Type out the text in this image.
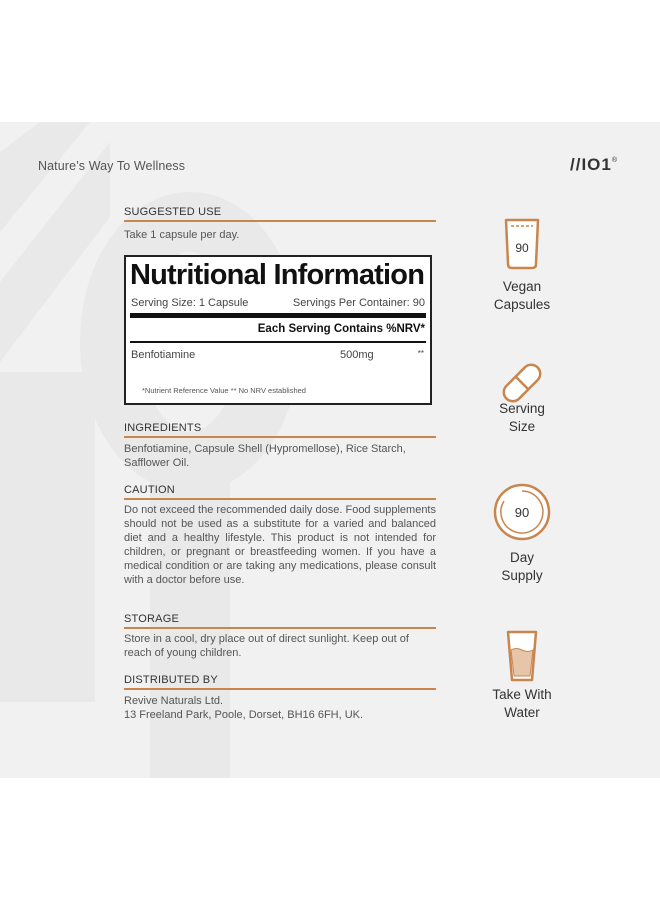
Nature’s Way To Wellness	//IO1®
SUGGESTED USE
Take 1 capsule per day.
Nutritional Information
Serving Size: 1 Capsule	Servings Per Container: 90
Each Serving Contains %NRV*
Benfotiamine	500mg	**
*Nutrient Reference Value ** No NRV established
INGREDIENTS
Benfotiamine, Capsule Shell (Hypromellose), Rice Starch, Safflower Oil.
CAUTION
Do not exceed the recommended daily dose. Food supplements should not be used as a substitute for a varied and balanced diet and a healthy lifestyle. This product is not intended for children, or pregnant or breastfeeding women. If you have a medical condition or are taking any medications, please consult with a doctor before use.
STORAGE
Store in a cool, dry place out of direct sunlight. Keep out of reach of young children.
DISTRIBUTED BY
Revive Naturals Ltd.
13 Freeland Park, Poole, Dorset, BH16 6FH, UK.
90
Vegan
Capsules
Serving
Size
90
Day
Supply
Take With
Water
